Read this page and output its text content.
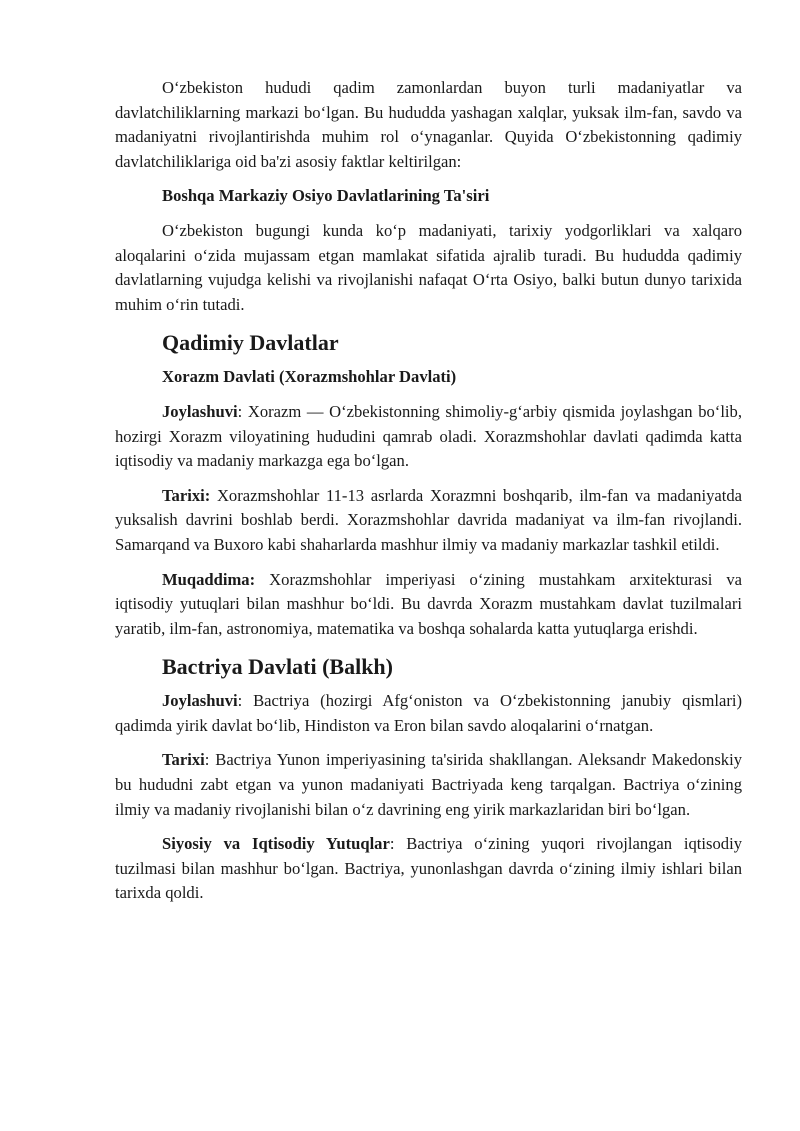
O‘zbekiston hududi qadim zamonlardan buyon turli madaniyatlar va davlatchiliklarning markazi bo‘lgan. Bu hududda yashagan xalqlar, yuksak ilm-fan, savdo va madaniyatni rivojlantirishda muhim rol o‘ynaganlar. Quyida O‘zbekistonning qadimiy davlatchiliklariga oid ba'zi asosiy faktlar keltirilgan:

Boshqa Markaziy Osiyo Davlatlarining Ta'siri

O‘zbekiston bugungi kunda ko‘p madaniyati, tarixiy yodgorliklari va xalqaro aloqalarini o‘zida mujassam etgan mamlakat sifatida ajralib turadi. Bu hududda qadimiy davlatlarning vujudga kelishi va rivojlanishi nafaqat O‘rta Osiyo, balki butun dunyo tarixida muhim o‘rin tutadi.

Qadimiy Davlatlar
Xorazm Davlati (Xorazmshohlar Davlati)

Joylashuvi: Xorazm — O‘zbekistonning shimoliy-g‘arbiy qismida joylashgan bo‘lib, hozirgi Xorazm viloyatining hududini qamrab oladi. Xorazmshohlar davlati qadimda katta iqtisodiy va madaniy markazga ega bo‘lgan.

Tarixi: Xorazmshohlar 11-13 asrlarda Xorazmni boshqarib, ilm-fan va madaniyatda yuksalish davrini boshlab berdi. Xorazmshohlar davrida madaniyat va ilm-fan rivojlandi. Samarqand va Buxoro kabi shaharlarda mashhur ilmiy va madaniy markazlar tashkil etildi.

Muqaddima: Xorazmshohlar imperiyasi o‘zining mustahkam arxitekturasi va iqtisodiy yutuqlari bilan mashhur bo‘ldi. Bu davrda Xorazm mustahkam davlat tuzilmalari yaratib, ilm-fan, astronomiya, matematika va boshqa sohalarda katta yutuqlarga erishdi.

Bactriya Davlati (Balkh)

Joylashuvi: Bactriya (hozirgi Afg‘oniston va O‘zbekistonning janubiy qismlari) qadimda yirik davlat bo‘lib, Hindiston va Eron bilan savdo aloqalarini o‘rnatgan.

Tarixi: Bactriya Yunon imperiyasining ta'sirida shakllangan. Aleksandr Makedonskiy bu hududni zabt etgan va yunon madaniyati Bactriyada keng tarqalgan. Bactriya o‘zining ilmiy va madaniy rivojlanishi bilan o‘z davrining eng yirik markazlaridan biri bo‘lgan.

Siyosiy va Iqtisodiy Yutuqlar: Bactriya o‘zining yuqori rivojlangan iqtisodiy tuzilmasi bilan mashhur bo‘lgan. Bactriya, yunonlashgan davrda o‘zining ilmiy ishlari bilan tarixda qoldi.
